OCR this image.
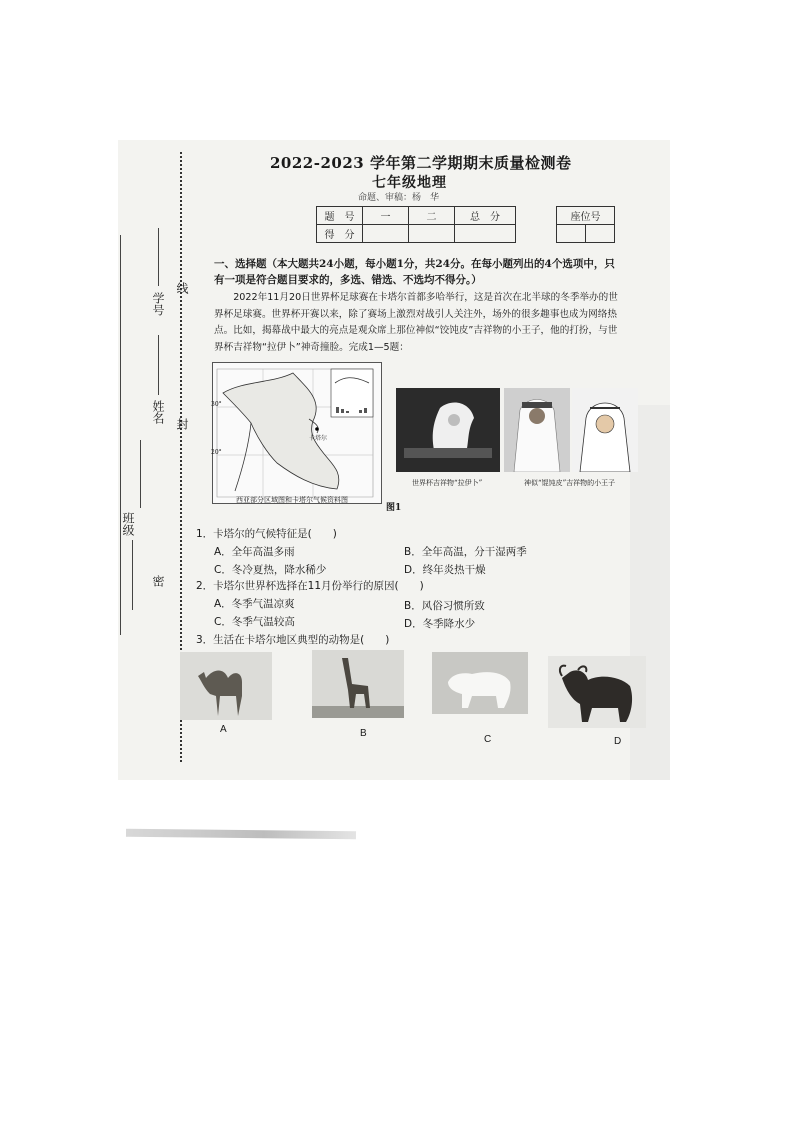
线
封
密
学号
姓名
班级
2022-2023 学年第二学期期末质量检测卷
七年级地理
命题、审稿：杨　华
题　号	一	二	总　分
得　分			
座位号

一、选择题（本大题共24小题，每小题1分，共24分。在每小题列出的4个选项中，只有一项是符合题目要求的，多选、错选、不选均不得分。）
2022年11月20日世界杯足球赛在卡塔尔首都多哈举行，这是首次在北半球的冬季举办的世界杯足球赛。世界杯开赛以来，除了赛场上激烈对战引人关注外，场外的很多趣事也成为网络热点。比如，揭幕战中最大的亮点是观众席上那位神似“饺饨皮”吉祥物的小王子，他的打扮，与世界杯吉祥物“拉伊卜”神奇撞脸。完成1—5题：
卡塔尔
30°
20°
西亚部分区域图和卡塔尔气候资料图
世界杯吉祥物“拉伊卜”	神似“馄饨皮”吉祥物的小王子
图1
1．卡塔尔的气候特征是(　　)
A．全年高温多雨	B．全年高温，分干湿两季
C．冬冷夏热，降水稀少	D．终年炎热干燥
2．卡塔尔世界杯选择在11月份举行的原因(　　)
A．冬季气温凉爽	B．风俗习惯所致
C．冬季气温较高	D．冬季降水少
3．生活在卡塔尔地区典型的动物是(　　)
A	B
C	D
